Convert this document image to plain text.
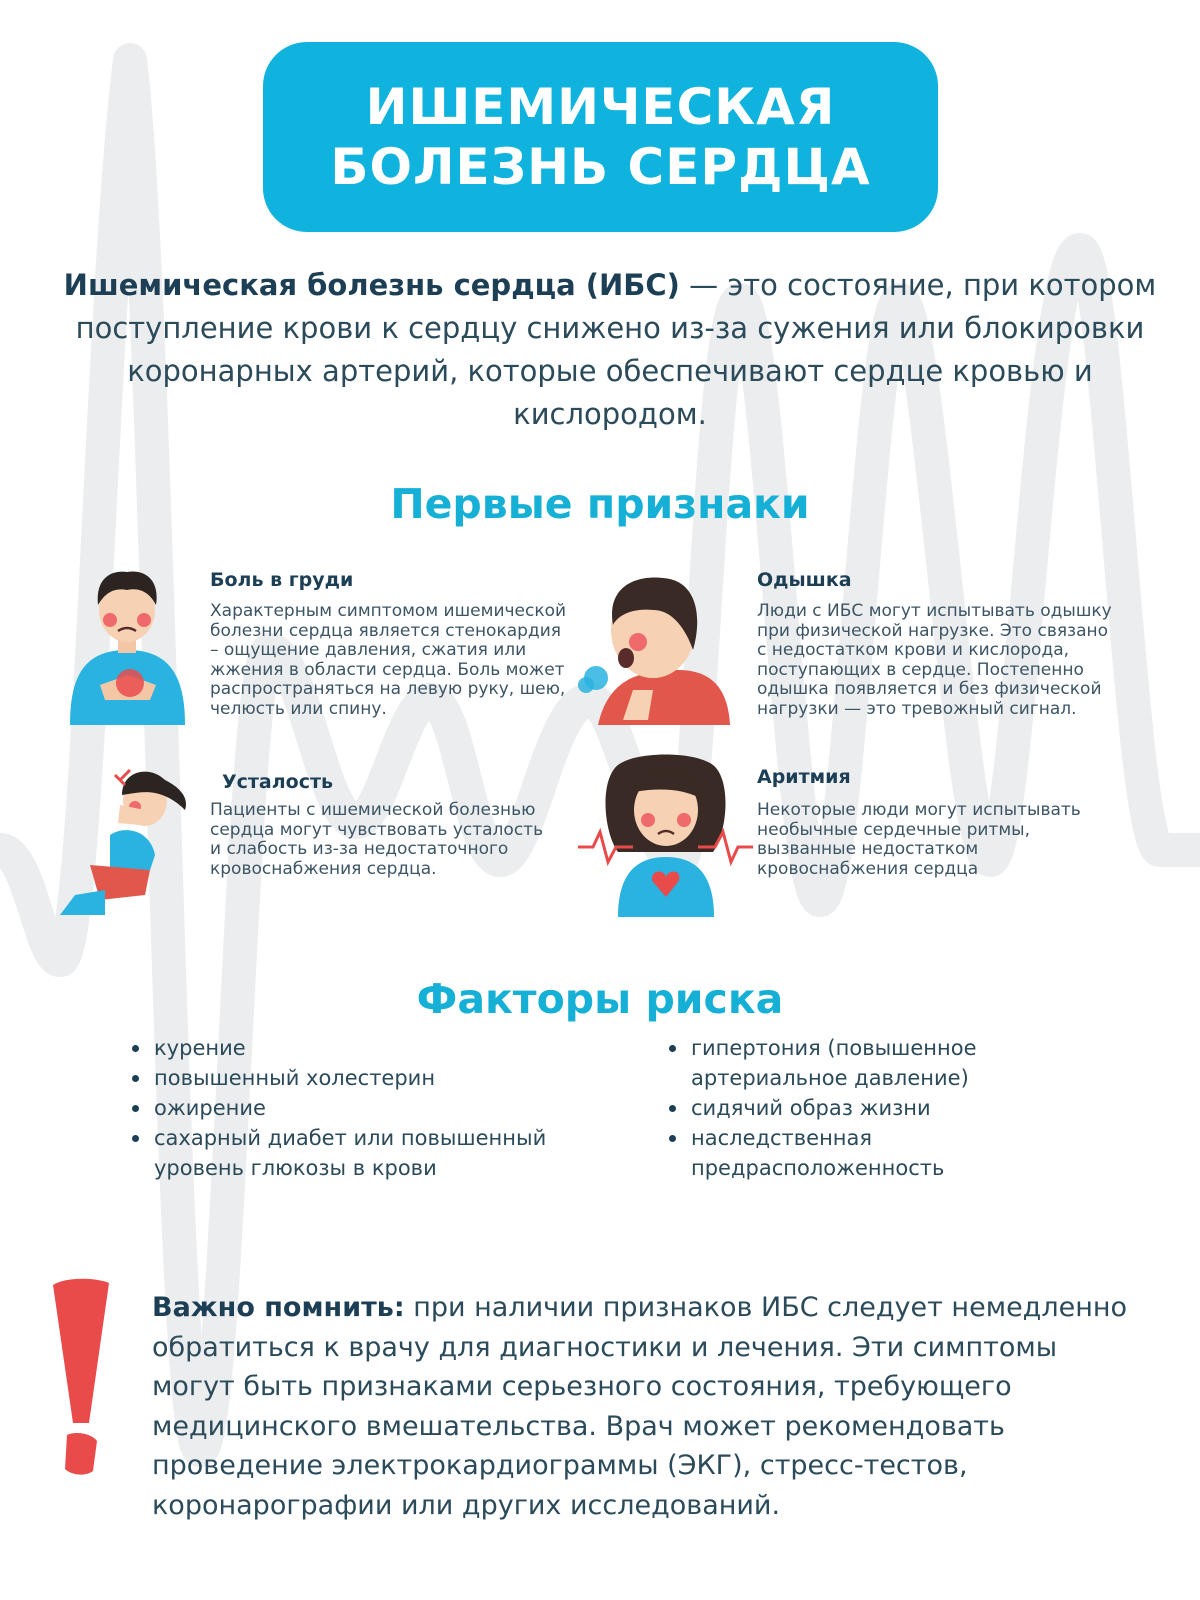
ИШЕМИЧЕСКАЯ
БОЛЕЗНЬ СЕРДЦА
Ишемическая болезнь сердца (ИБС) — это состояние, при котором поступление крови к сердцу снижено из-за сужения или блокировки коронарных артерий, которые обеспечивают сердце кровью и кислородом.
Первые признаки
Боль в груди
Характерным симптомом ишемической болезни сердца является стенокардия – ощущение давления, сжатия или жжения в области сердца. Боль может распространяться на левую руку, шею, челюсть или спину.
Одышка
Люди с ИБС могут испытывать одышку при физической нагрузке. Это связано с недостатком крови и кислорода, поступающих в сердце. Постепенно одышка появляется и без физической нагрузки — это тревожный сигнал.
Усталость
Пациенты с ишемической болезнью сердца могут чувствовать усталость и слабость из-за недостаточного кровоснабжения сердца.
Аритмия
Некоторые люди могут испытывать необычные сердечные ритмы, вызванные недостатком кровоснабжения сердца
Факторы риска
курение
повышенный холестерин
ожирение
сахарный диабет или повышенный уровень глюкозы в крови
гипертония (повышенное артериальное давление)
сидячий образ жизни
наследственная предрасположенность
Важно помнить: при наличии признаков ИБС следует немедленно обратиться к врачу для диагностики и лечения. Эти симптомы могут быть признаками серьезного состояния, требующего медицинского вмешательства. Врач может рекомендовать проведение электрокардиограммы (ЭКГ), стресс-тестов, коронарографии или других исследований.
